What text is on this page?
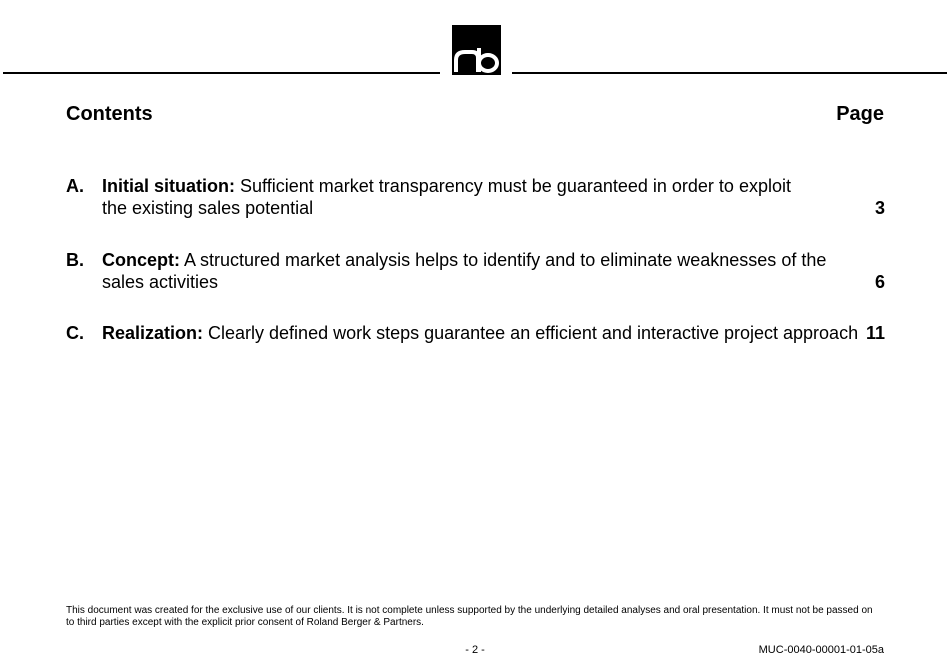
Contents	Page
A. Initial situation: Sufficient market transparency must be guaranteed in order to exploit the existing sales potential	3
B. Concept: A structured market analysis helps to identify and to eliminate weaknesses of the sales activities	6
C. Realization: Clearly defined work steps guarantee an efficient and interactive project approach 11
This document was created for the exclusive use of our clients. It is not complete unless supported by the underlying detailed analyses and oral presentation. It must not be passed on to third parties except with the explicit prior consent of Roland Berger & Partners.
- 2 -	MUC-0040-00001-01-05a
